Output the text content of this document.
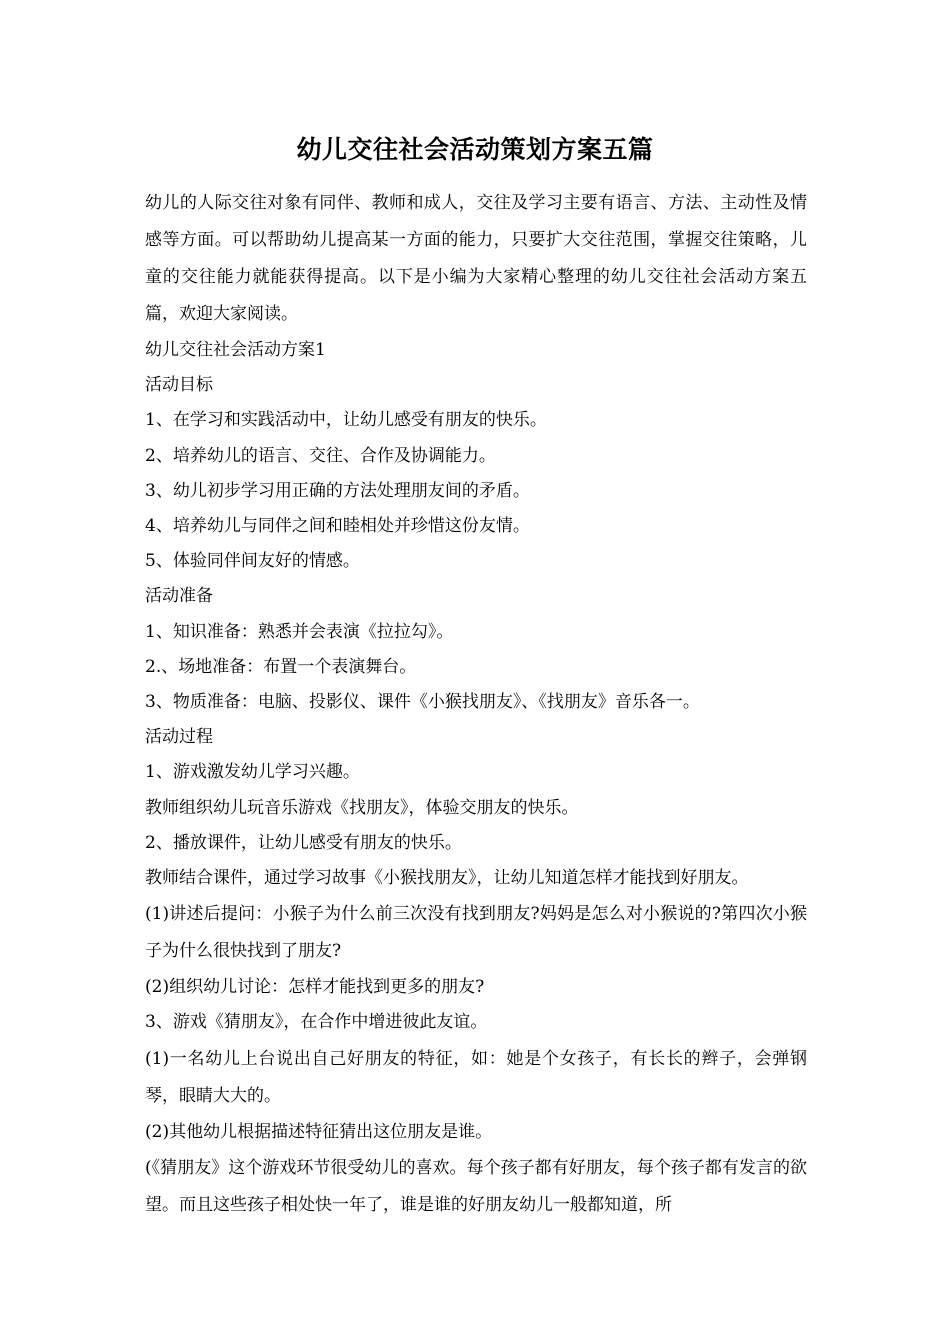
幼儿交往社会活动策划方案五篇

幼儿的人际交往对象有同伴、教师和成人，交往及学习主要有语言、方法、主动性及情感等方面。可以帮助幼儿提高某一方面的能力，只要扩大交往范围，掌握交往策略，儿童的交往能力就能获得提高。以下是小编为大家精心整理的幼儿交往社会活动方案五篇，欢迎大家阅读。

幼儿交往社会活动方案1

活动目标

1、在学习和实践活动中，让幼儿感受有朋友的快乐。

2、培养幼儿的语言、交往、合作及协调能力。

3、幼儿初步学习用正确的方法处理朋友间的矛盾。

4、培养幼儿与同伴之间和睦相处并珍惜这份友情。

5、体验同伴间友好的情感。

活动准备

1、知识准备：熟悉并会表演《拉拉勾》。

2.、场地准备：布置一个表演舞台。

3、物质准备：电脑、投影仪、课件《小猴找朋友》、《找朋友》音乐各一。

活动过程

1、游戏激发幼儿学习兴趣。

教师组织幼儿玩音乐游戏《找朋友》，体验交朋友的快乐。

2、播放课件，让幼儿感受有朋友的快乐。

教师结合课件，通过学习故事《小猴找朋友》，让幼儿知道怎样才能找到好朋友。

(1)讲述后提问：小猴子为什么前三次没有找到朋友?妈妈是怎么对小猴说的?第四次小猴子为什么很快找到了朋友?

(2)组织幼儿讨论：怎样才能找到更多的朋友?

3、游戏《猜朋友》，在合作中增进彼此友谊。

(1)一名幼儿上台说出自己好朋友的特征，如：她是个女孩子，有长长的辫子，会弹钢琴，眼睛大大的。

(2)其他幼儿根据描述特征猜出这位朋友是谁。

(《猜朋友》这个游戏环节很受幼儿的喜欢。每个孩子都有好朋友，每个孩子都有发言的欲望。而且这些孩子相处快一年了，谁是谁的好朋友幼儿一般都知道，所
